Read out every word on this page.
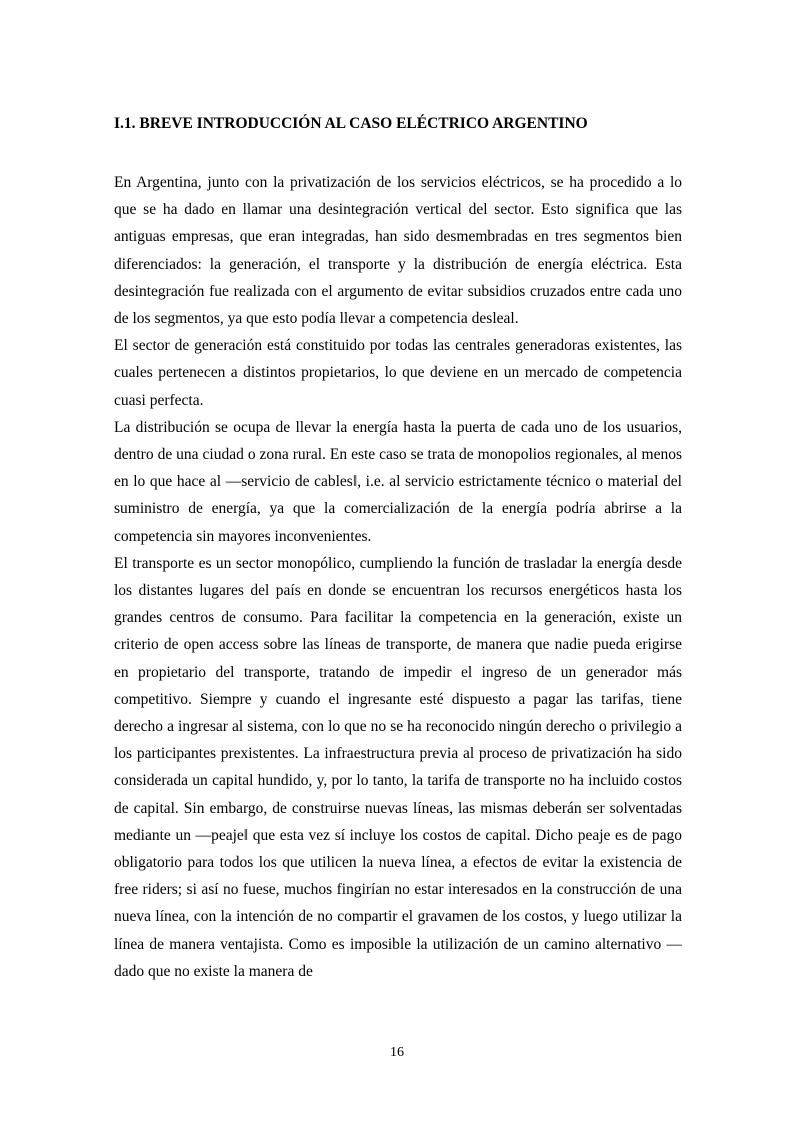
I.1. BREVE INTRODUCCIÓN AL CASO ELÉCTRICO ARGENTINO

En Argentina, junto con la privatización de los servicios eléctricos, se ha procedido a lo que se ha dado en llamar una desintegración vertical del sector. Esto significa que las antiguas empresas, que eran integradas, han sido desmembradas en tres segmentos bien diferenciados: la generación, el transporte y la distribución de energía eléctrica. Esta desintegración fue realizada con el argumento de evitar subsidios cruzados entre cada uno de los segmentos, ya que esto podía llevar a competencia desleal.

El sector de generación está constituido por todas las centrales generadoras existentes, las cuales pertenecen a distintos propietarios, lo que deviene en un mercado de competencia cuasi perfecta.

La distribución se ocupa de llevar la energía hasta la puerta de cada uno de los usuarios, dentro de una ciudad o zona rural. En este caso se trata de monopolios regionales, al menos en lo que hace al ―servicio de cables‖, i.e. al servicio estrictamente técnico o material del suministro de energía, ya que la comercialización de la energía podría abrirse a la competencia sin mayores inconvenientes.

El transporte es un sector monopólico, cumpliendo la función de trasladar la energía desde los distantes lugares del país en donde se encuentran los recursos energéticos hasta los grandes centros de consumo. Para facilitar la competencia en la generación, existe un criterio de open access sobre las líneas de transporte, de manera que nadie pueda erigirse en propietario del transporte, tratando de impedir el ingreso de un generador más competitivo. Siempre y cuando el ingresante esté dispuesto a pagar las tarifas, tiene derecho a ingresar al sistema, con lo que no se ha reconocido ningún derecho o privilegio a los participantes prexistentes. La infraestructura previa al proceso de privatización ha sido considerada un capital hundido, y, por lo tanto, la tarifa de transporte no ha incluido costos de capital. Sin embargo, de construirse nuevas líneas, las mismas deberán ser solventadas mediante un ―peaje‖ que esta vez sí incluye los costos de capital. Dicho peaje es de pago obligatorio para todos los que utilicen la nueva línea, a efectos de evitar la existencia de free riders; si así no fuese, muchos fingirían no estar interesados en la construcción de una nueva línea, con la intención de no compartir el gravamen de los costos, y luego utilizar la línea de manera ventajista. Como es imposible la utilización de un camino alternativo —dado que no existe la manera de

16
